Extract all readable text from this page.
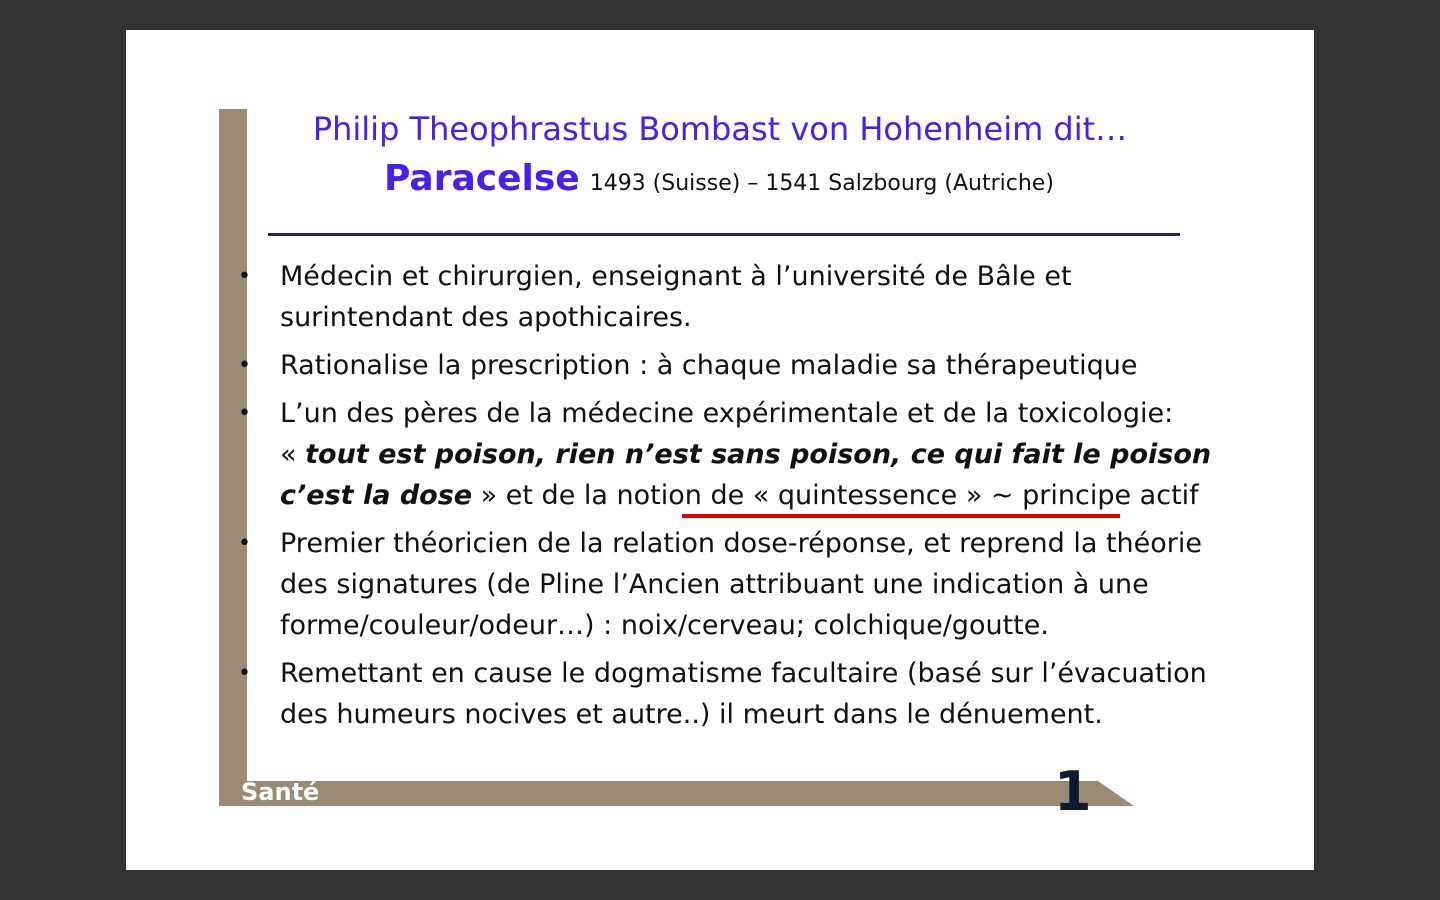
Philip Theophrastus Bombast von Hohenheim dit…
Paracelse 1493 (Suisse) – 1541 Salzbourg (Autriche)
• Médecin et chirurgien, enseignant à l’université de Bâle et surintendant des apothicaires.
• Rationalise la prescription : à chaque maladie sa thérapeutique
• L’un des pères de la médecine expérimentale et de la toxicologie:
« tout est poison, rien n’est sans poison, ce qui fait le poison c’est la dose » et de la notion de « quintessence » ~ principe actif
• Premier théoricien de la relation dose-réponse, et reprend la théorie des signatures (de Pline l’Ancien attribuant une indication à une forme/couleur/odeur…) : noix/cerveau; colchique/goutte.
• Remettant en cause le dogmatisme facultaire (basé sur l’évacuation des humeurs nocives et autre..) il meurt dans le dénuement.
Santé	1
